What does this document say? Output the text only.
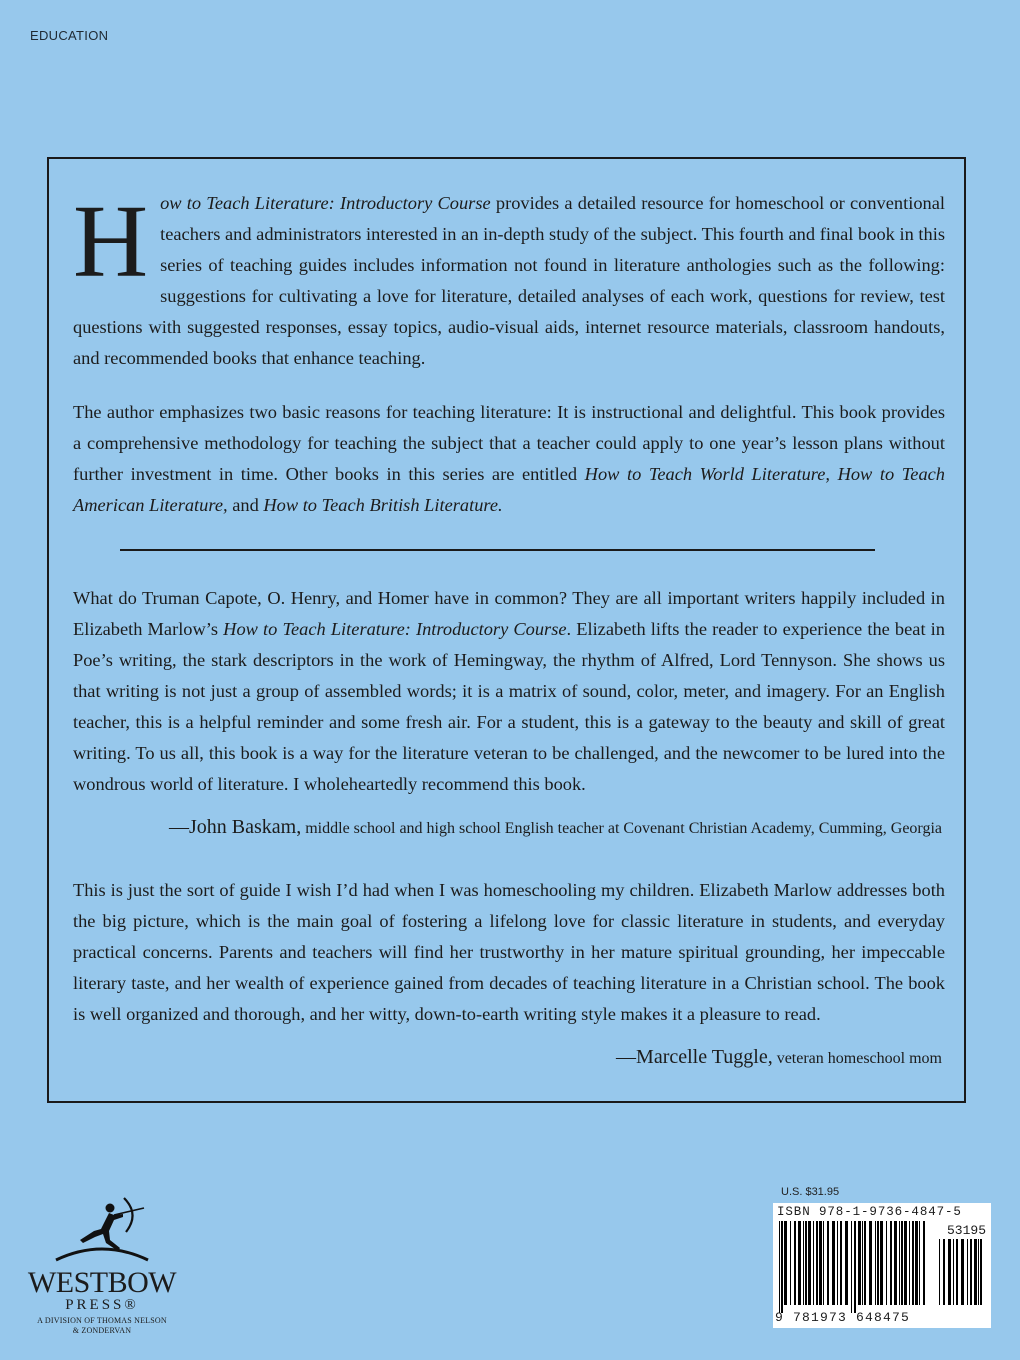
EDUCATION

How to Teach Literature: Introductory Course provides a detailed resource for homeschool or conventional teachers and administrators interested in an in-depth study of the subject. This fourth and final book in this series of teaching guides includes information not found in literature anthologies such as the following: suggestions for cultivating a love for literature, detailed analyses of each work, questions for review, test questions with suggested responses, essay topics, audio-visual aids, internet resource materials, classroom handouts, and recommended books that enhance teaching.

The author emphasizes two basic reasons for teaching literature: It is instructional and delightful. This book provides a comprehensive methodology for teaching the subject that a teacher could apply to one year’s lesson plans without further investment in time. Other books in this series are entitled How to Teach World Literature, How to Teach American Literature, and How to Teach British Literature.

What do Truman Capote, O. Henry, and Homer have in common? They are all important writers happily included in Elizabeth Marlow’s How to Teach Literature: Introductory Course. Elizabeth lifts the reader to experience the beat in Poe’s writing, the stark descriptors in the work of Hemingway, the rhythm of Alfred, Lord Tennyson. She shows us that writing is not just a group of assembled words; it is a matrix of sound, color, meter, and imagery. For an English teacher, this is a helpful reminder and some fresh air. For a student, this is a gateway to the beauty and skill of great writing. To us all, this book is a way for the literature veteran to be challenged, and the newcomer to be lured into the wondrous world of literature. I wholeheartedly recommend this book.

—John Baskam, middle school and high school English teacher at Covenant Christian Academy, Cumming, Georgia

This is just the sort of guide I wish I’d had when I was homeschooling my children. Elizabeth Marlow addresses both the big picture, which is the main goal of fostering a lifelong love for classic literature in students, and everyday practical concerns. Parents and teachers will find her trustworthy in her mature spiritual grounding, her impeccable literary taste, and her wealth of experience gained from decades of teaching literature in a Christian school. The book is well organized and thorough, and her witty, down-to-earth writing style makes it a pleasure to read.

—Marcelle Tuggle, veteran homeschool mom
WESTBOW
PRESS®
A DIVISION OF THOMAS NELSON
& ZONDERVAN
U.S. $31.95
ISBN 978-1-9736-4847-5
53195
9 781973 648475
